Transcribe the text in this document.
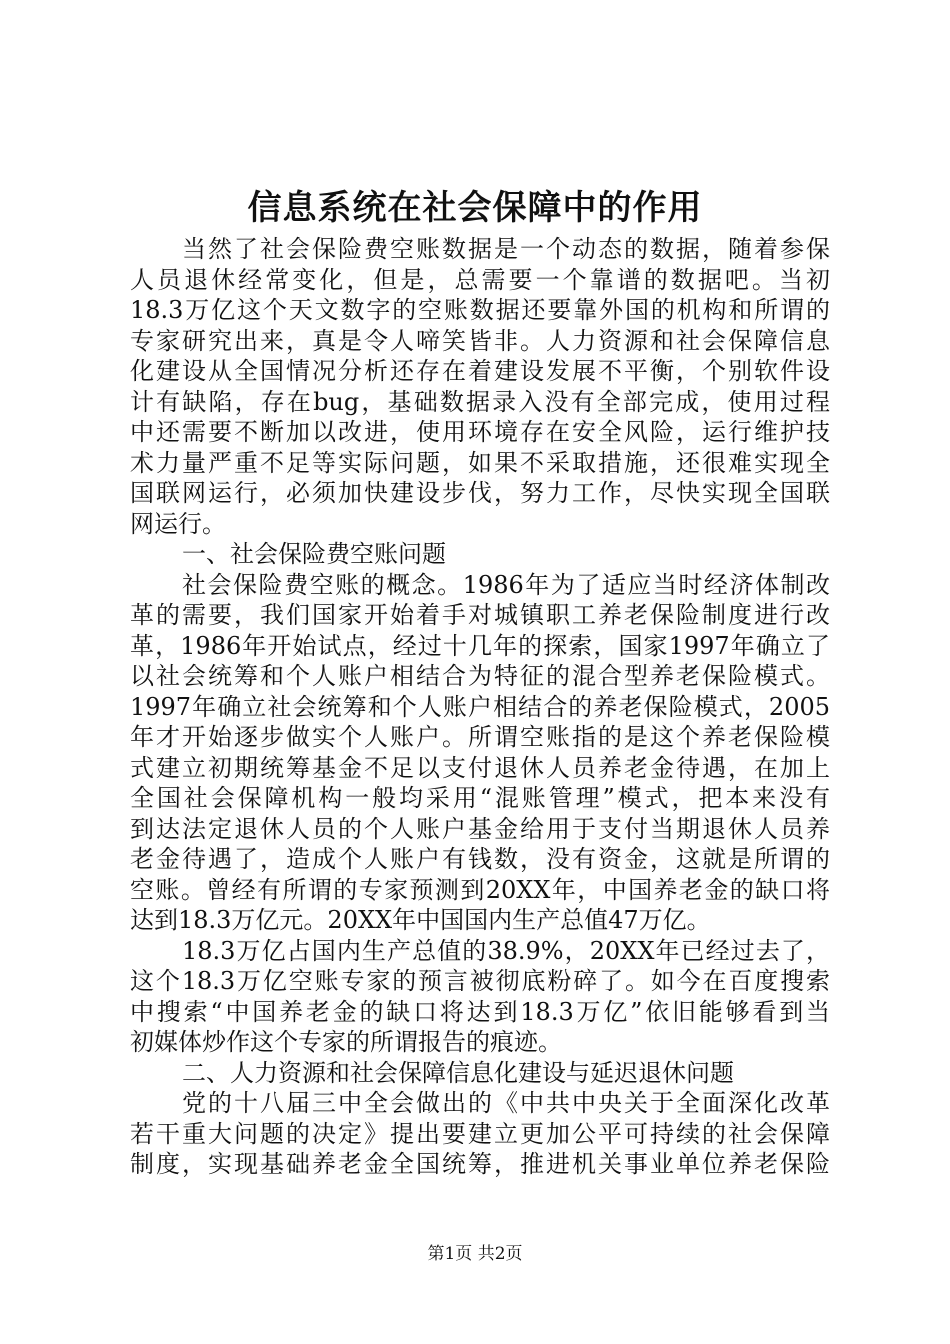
信息系统在社会保障中的作用
当然了社会保险费空账数据是一个动态的数据，随着参保
人员退休经常变化，但是，总需要一个靠谱的数据吧。当初
18.3万亿这个天文数字的空账数据还要靠外国的机构和所谓的
专家研究出来，真是令人啼笑皆非。人力资源和社会保障信息
化建设从全国情况分析还存在着建设发展不平衡，个别软件设
计有缺陷，存在bug，基础数据录入没有全部完成，使用过程
中还需要不断加以改进，使用环境存在安全风险，运行维护技
术力量严重不足等实际问题，如果不采取措施，还很难实现全
国联网运行，必须加快建设步伐，努力工作，尽快实现全国联
网运行。
一、社会保险费空账问题
社会保险费空账的概念。1986年为了适应当时经济体制改
革的需要，我们国家开始着手对城镇职工养老保险制度进行改
革，1986年开始试点，经过十几年的探索，国家1997年确立了
以社会统筹和个人账户相结合为特征的混合型养老保险模式。
1997年确立社会统筹和个人账户相结合的养老保险模式，2005
年才开始逐步做实个人账户。所谓空账指的是这个养老保险模
式建立初期统筹基金不足以支付退休人员养老金待遇，在加上
全国社会保障机构一般均采用“混账管理”模式，把本来没有
到达法定退休人员的个人账户基金给用于支付当期退休人员养
老金待遇了，造成个人账户有钱数，没有资金，这就是所谓的
空账。曾经有所谓的专家预测到20XX年，中国养老金的缺口将
达到18.3万亿元。20XX年中国国内生产总值47万亿。
18.3万亿占国内生产总值的38.9%，20XX年已经过去了，
这个18.3万亿空账专家的预言被彻底粉碎了。如今在百度搜索
中搜索“中国养老金的缺口将达到18.3万亿”依旧能够看到当
初媒体炒作这个专家的所谓报告的痕迹。
二、人力资源和社会保障信息化建设与延迟退休问题
党的十八届三中全会做出的《中共中央关于全面深化改革
若干重大问题的决定》提出要建立更加公平可持续的社会保障
制度，实现基础养老金全国统筹，推进机关事业单位养老保险
第1页 共2页
